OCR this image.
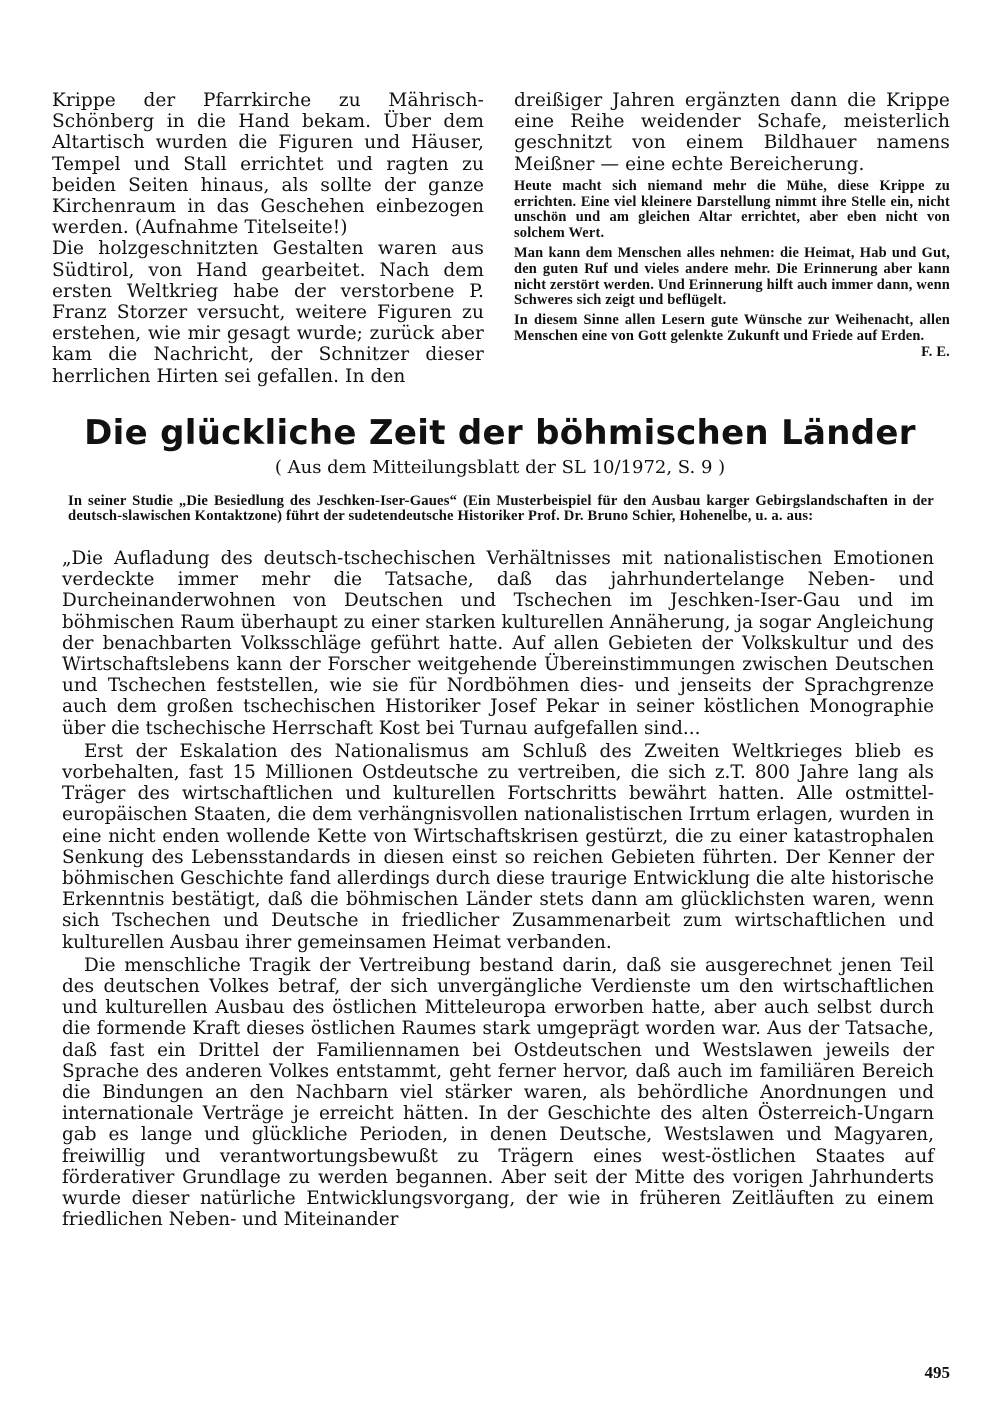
Krippe der Pfarrkirche zu Mährisch-Schönberg in die Hand bekam. Über dem Altartisch wurden die Figuren und Häuser, Tempel und Stall errichtet und ragten zu beiden Seiten hinaus, als sollte der ganze Kirchenraum in das Geschehen einbezogen werden. (Aufnahme Titelseite!)

Die holzgeschnitzten Gestalten waren aus Südtirol, von Hand gearbeitet. Nach dem ersten Weltkrieg habe der verstorbene P. Franz Storzer versucht, weitere Figuren zu erstehen, wie mir gesagt wurde; zurück aber kam die Nachricht, der Schnitzer dieser herrlichen Hirten sei gefallen. In den

dreißiger Jahren ergänzten dann die Krippe eine Reihe weidender Schafe, meisterlich geschnitzt von einem Bildhauer namens Meißner — eine echte Bereicherung.

Heute macht sich niemand mehr die Mühe, diese Krippe zu errichten. Eine viel kleinere Darstellung nimmt ihre Stelle ein, nicht unschön und am gleichen Altar errichtet, aber eben nicht von solchem Wert.

Man kann dem Menschen alles nehmen: die Heimat, Hab und Gut, den guten Ruf und vieles andere mehr. Die Erinnerung aber kann nicht zerstört werden. Und Erinnerung hilft auch immer dann, wenn Schweres sich zeigt und beflügelt.

In diesem Sinne allen Lesern gute Wünsche zur Weihenacht, allen Menschen eine von Gott gelenkte Zukunft und Friede auf Erden.
F. E.

Die glückliche Zeit der böhmischen Länder

( Aus dem Mitteilungsblatt der SL 10/1972, S. 9 )

In seiner Studie „Die Besiedlung des Jeschken-Iser-Gaues“ (Ein Musterbeispiel für den Ausbau karger Gebirgslandschaften in der deutsch-slawischen Kontaktzone) führt der sudetendeutsche Historiker Prof. Dr. Bruno Schier, Hohenelbe, u. a. aus:

„Die Aufladung des deutsch-tschechischen Verhältnisses mit nationalistischen Emotionen verdeckte immer mehr die Tatsache, daß das jahrhundertelange Neben- und Durcheinanderwohnen von Deutschen und Tschechen im Jeschken-Iser-Gau und im böhmischen Raum überhaupt zu einer starken kulturellen Annäherung, ja sogar Angleichung der benachbarten Volksschläge geführt hatte. Auf allen Gebieten der Volkskultur und des Wirtschaftslebens kann der Forscher weitgehende Übereinstimmungen zwischen Deutschen und Tschechen feststellen, wie sie für Nordböhmen dies- und jenseits der Sprachgrenze auch dem großen tschechischen Historiker Josef Pekar in seiner köstlichen Monographie über die tschechische Herrschaft Kost bei Turnau aufgefallen sind...

Erst der Eskalation des Nationalismus am Schluß des Zweiten Weltkrieges blieb es vorbehalten, fast 15 Millionen Ostdeutsche zu vertreiben, die sich z.T. 800 Jahre lang als Träger des wirtschaftlichen und kulturellen Fortschritts bewährt hatten. Alle ostmittel-europäischen Staaten, die dem verhängnisvollen nationalistischen Irrtum erlagen, wurden in eine nicht enden wollende Kette von Wirtschaftskrisen gestürzt, die zu einer katastrophalen Senkung des Lebensstandards in diesen einst so reichen Gebieten führten. Der Kenner der böhmischen Geschichte fand allerdings durch diese traurige Entwicklung die alte historische Erkenntnis bestätigt, daß die böhmischen Länder stets dann am glücklichsten waren, wenn sich Tschechen und Deutsche in friedlicher Zusammenarbeit zum wirtschaftlichen und kulturellen Ausbau ihrer gemeinsamen Heimat verbanden.

Die menschliche Tragik der Vertreibung bestand darin, daß sie ausgerechnet jenen Teil des deutschen Volkes betraf, der sich unvergängliche Verdienste um den wirtschaftlichen und kulturellen Ausbau des östlichen Mitteleuropa erworben hatte, aber auch selbst durch die formende Kraft dieses östlichen Raumes stark umgeprägt worden war. Aus der Tatsache, daß fast ein Drittel der Familiennamen bei Ostdeutschen und Westslawen jeweils der Sprache des anderen Volkes entstammt, geht ferner hervor, daß auch im familiären Bereich die Bindungen an den Nachbarn viel stärker waren, als behördliche Anordnungen und internationale Verträge je erreicht hätten. In der Geschichte des alten Österreich-Ungarn gab es lange und glückliche Perioden, in denen Deutsche, Westslawen und Magyaren, freiwillig und verantwortungsbewußt zu Trägern eines west-östlichen Staates auf förderativer Grundlage zu werden begannen. Aber seit der Mitte des vorigen Jahrhunderts wurde dieser natürliche Entwicklungsvorgang, der wie in früheren Zeitläuften zu einem friedlichen Neben- und Miteinander

495
